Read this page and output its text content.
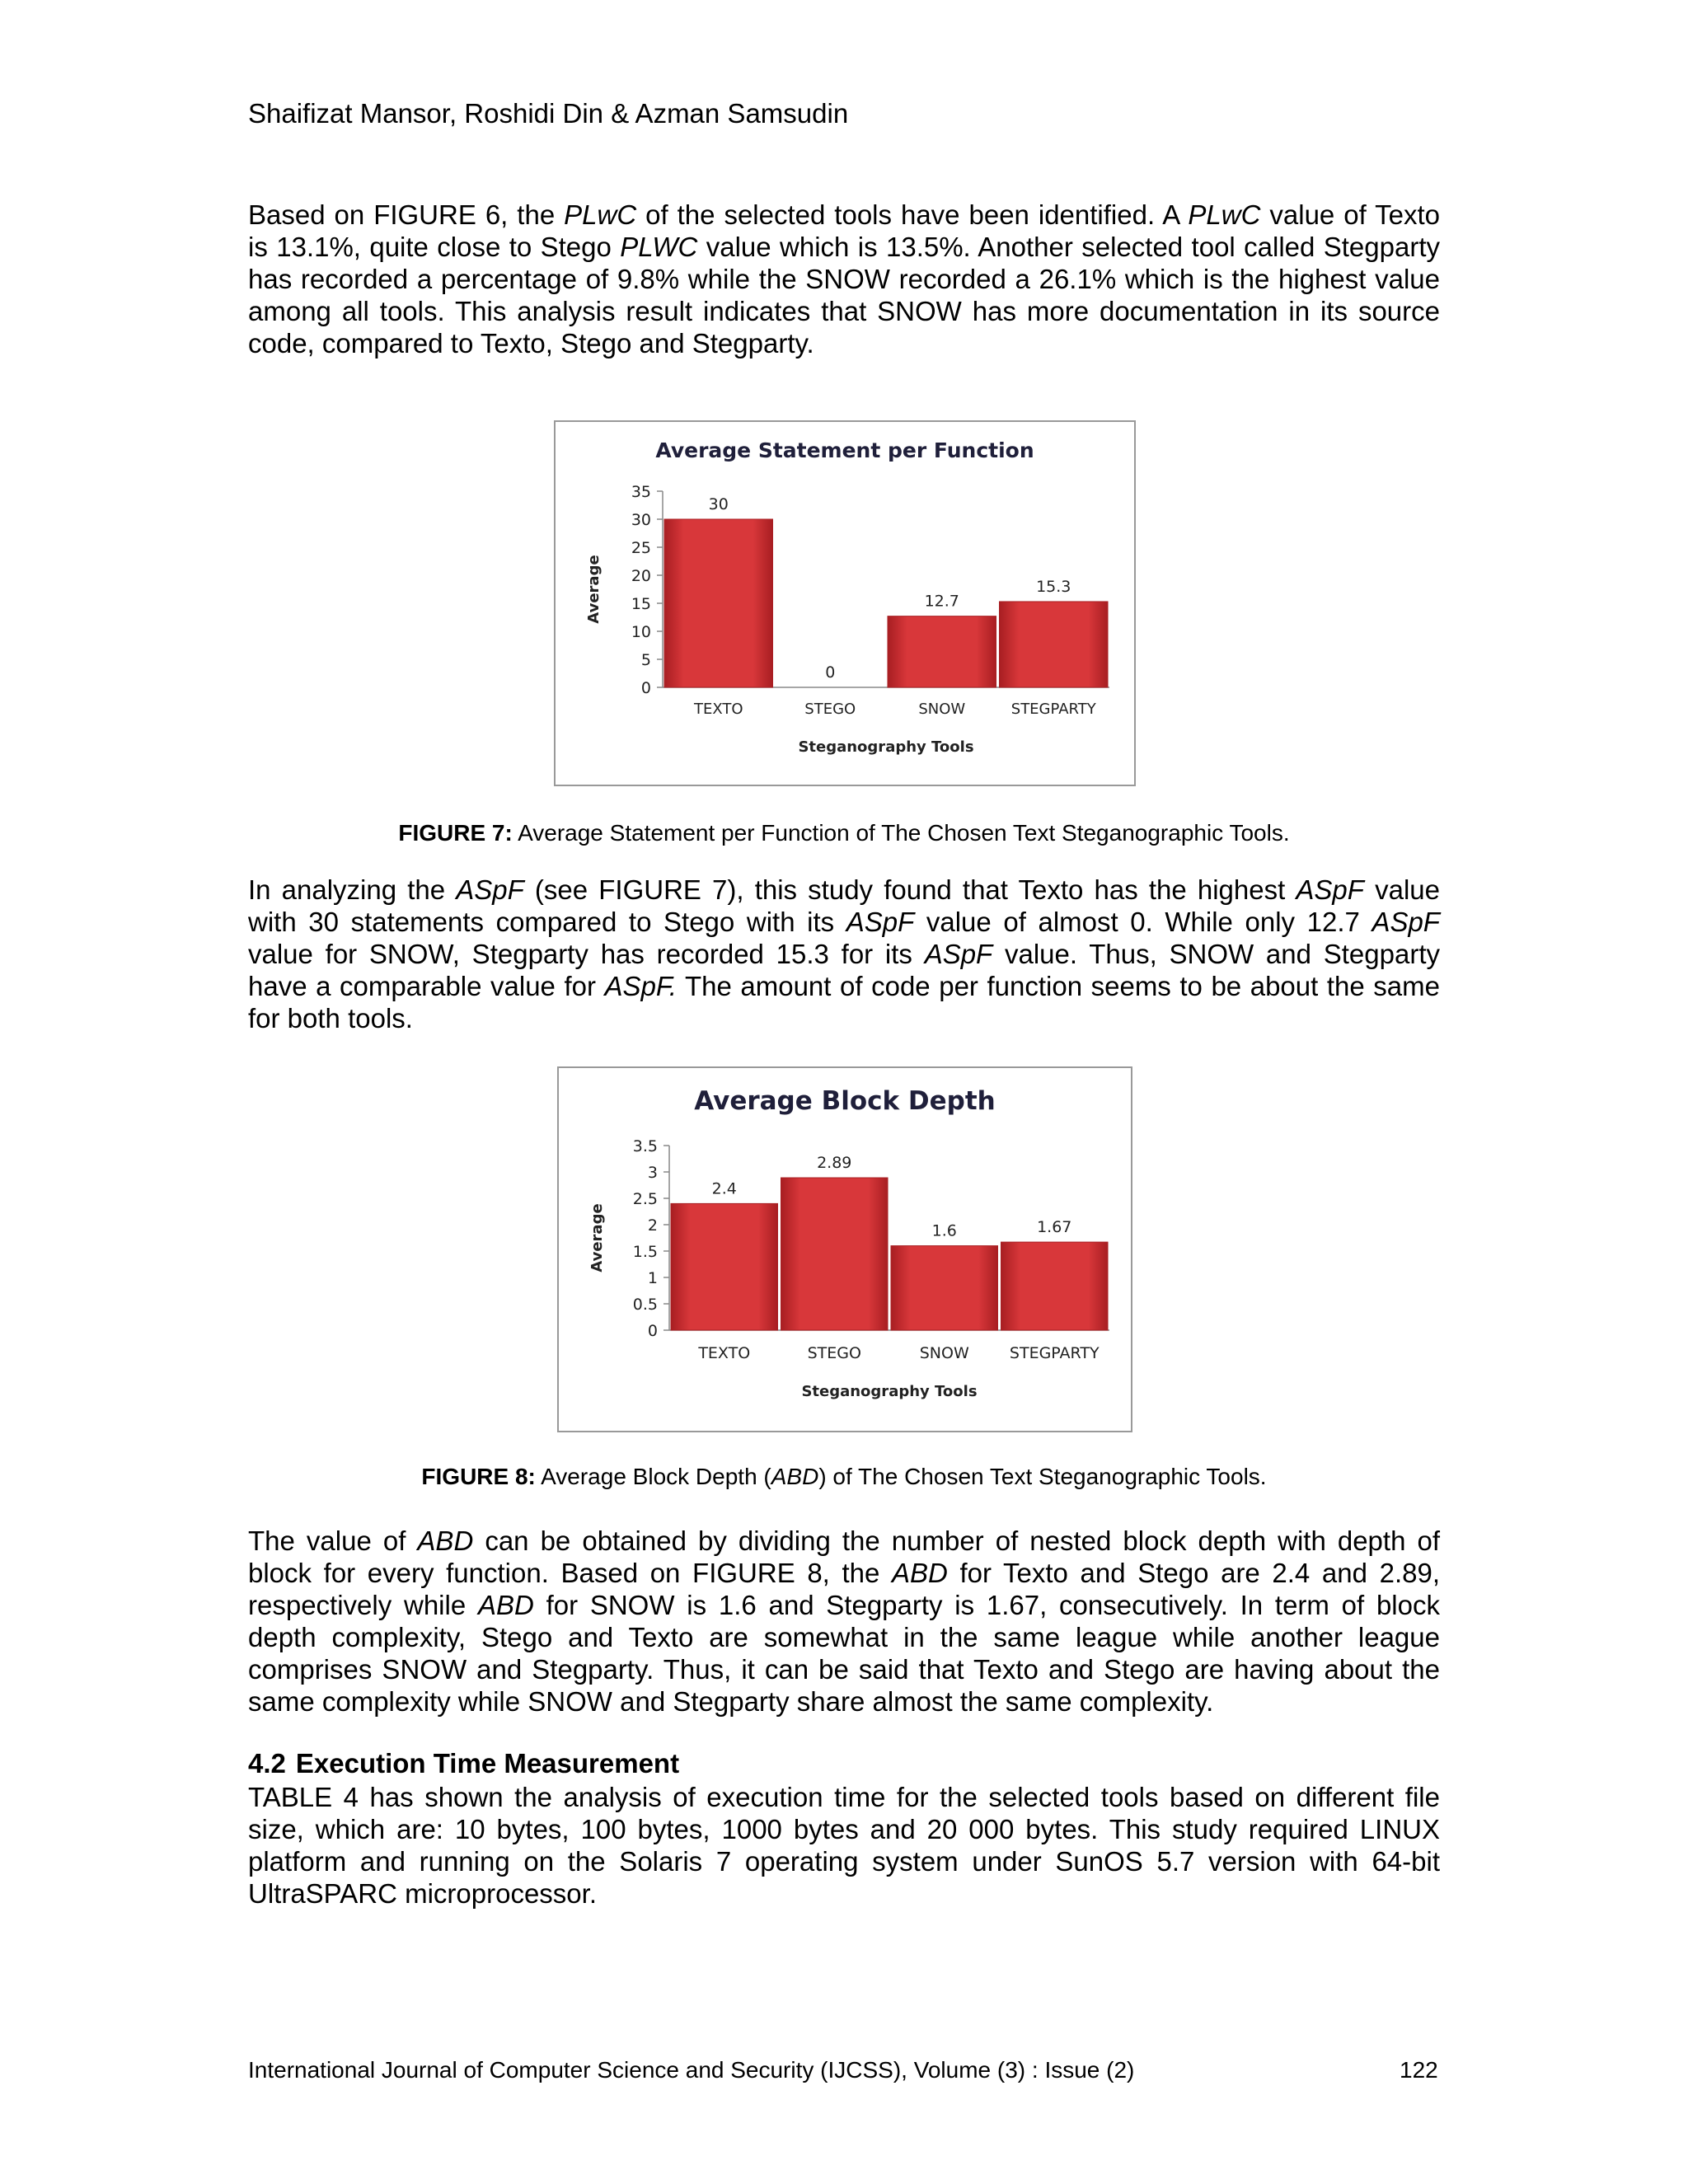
Shaifizat Mansor, Roshidi Din & Azman Samsudin

Based on FIGURE 6, the PLwC of the selected tools have been identified. A PLwC value of Texto is 13.1%, quite close to Stego PLWC value which is 13.5%. Another selected tool called Stegparty has recorded a percentage of 9.8% while the SNOW recorded a 26.1% which is the highest value among all tools. This analysis result indicates that SNOW has more documentation in its source code, compared to Texto, Stego and Stegparty.

Average Statement per Function
0
5
10
15
20
25
30
35
30
TEXTO
0
STEGO
12.7
SNOW
15.3
STEGPARTY
Steganography Tools
Average
FIGURE 7: Average Statement per Function of The Chosen Text Steganographic Tools.

In analyzing the ASpF (see FIGURE 7), this study found that Texto has the highest ASpF value with 30 statements compared to Stego with its ASpF value of almost 0. While only 12.7 ASpF value for SNOW, Stegparty has recorded 15.3 for its ASpF value. Thus, SNOW and Stegparty have a comparable value for ASpF. The amount of code per function seems to be about the same for both tools.

Average Block Depth
0
0.5
1
1.5
2
2.5
3
3.5
2.4
TEXTO
2.89
STEGO
1.6
SNOW
1.67
STEGPARTY
Steganography Tools
Average
FIGURE 8: Average Block Depth (ABD) of The Chosen Text Steganographic Tools.

The value of ABD can be obtained by dividing the number of nested block depth with depth of block for every function. Based on FIGURE 8, the ABD for Texto and Stego are 2.4 and 2.89, respectively while ABD for SNOW is 1.6 and Stegparty is 1.67, consecutively. In term of block depth complexity, Stego and Texto are somewhat in the same league while another league comprises SNOW and Stegparty. Thus, it can be said that Texto and Stego are having about the same complexity while SNOW and Stegparty share almost the same complexity.

4.2 Execution Time Measurement

TABLE 4 has shown the analysis of execution time for the selected tools based on different file size, which are: 10 bytes, 100 bytes, 1000 bytes and 20 000 bytes. This study required LINUX platform and running on the Solaris 7 operating system under SunOS 5.7 version with 64-bit UltraSPARC microprocessor.

International Journal of Computer Science and Security (IJCSS), Volume (3) : Issue (2)	122
